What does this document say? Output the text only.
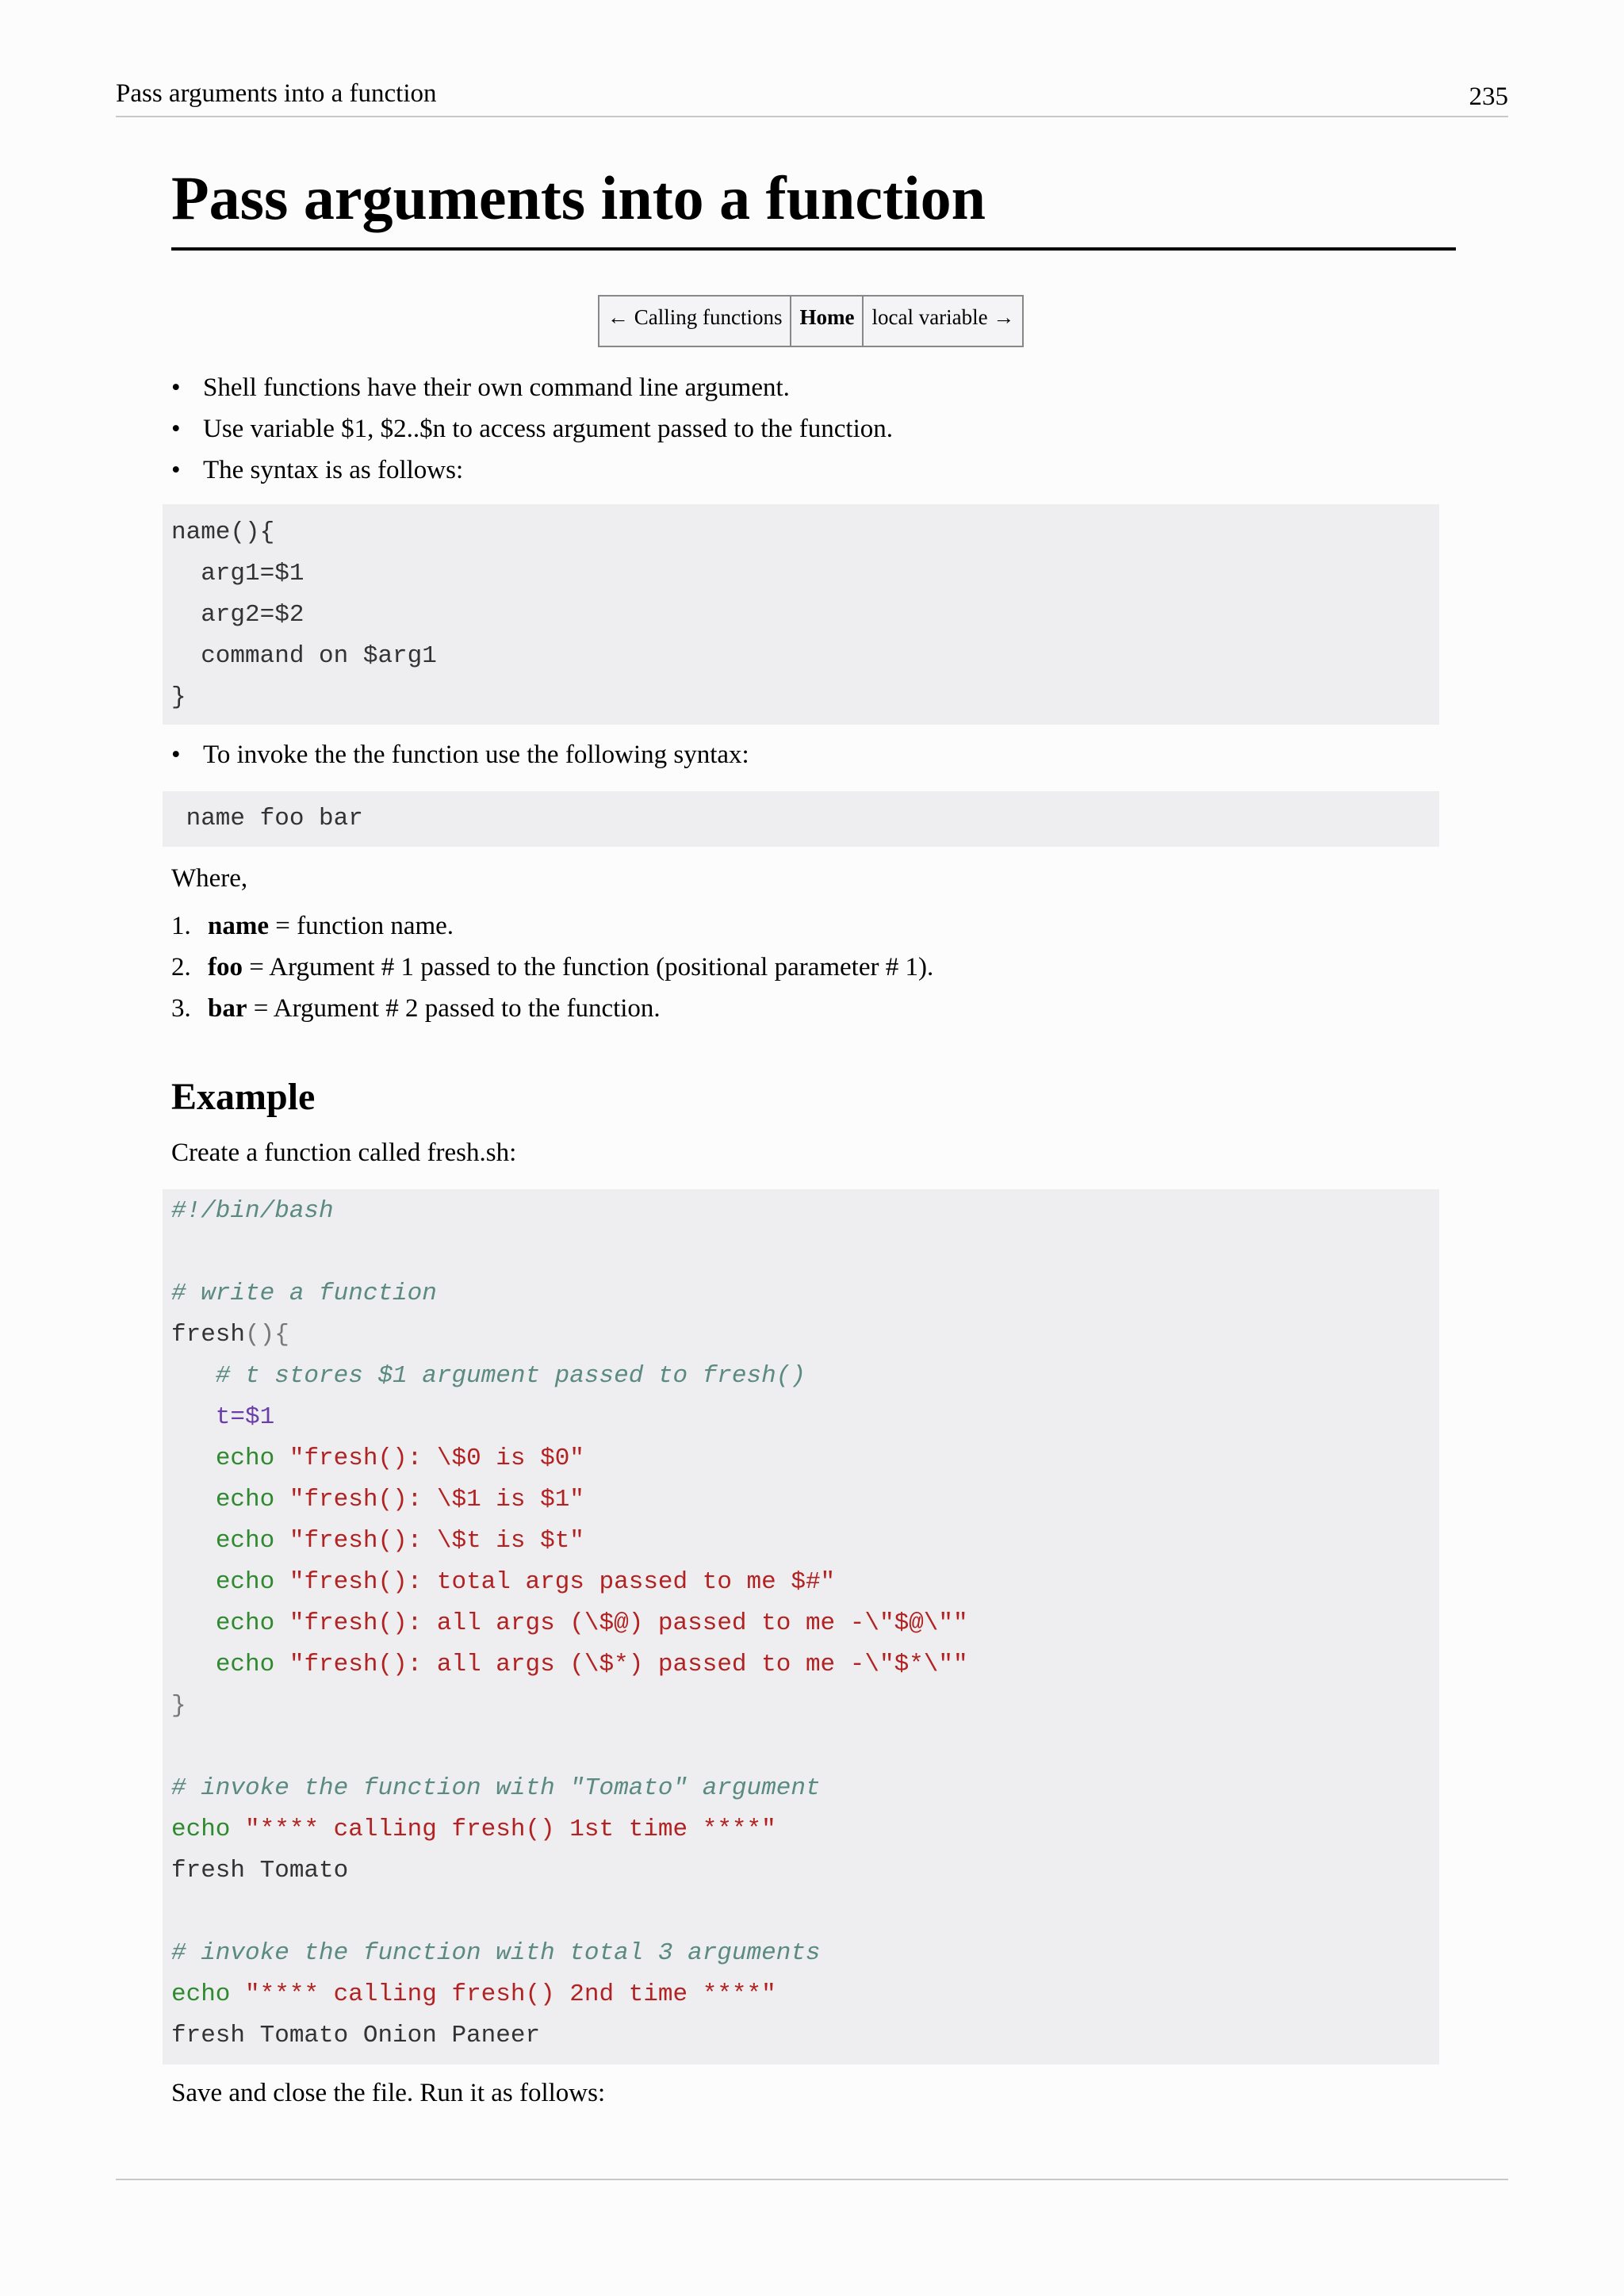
Pass arguments into a function	235
Pass arguments into a function
← Calling functions Home local variable →
• Shell functions have their own command line argument.
• Use variable $1, $2..$n to access argument passed to the function.
• The syntax is as follows:
name(){
arg1=$1
arg2=$2
command on $arg1
}
• To invoke the the function use the following syntax:
name foo bar
Where,
1. name = function name.
2. foo = Argument # 1 passed to the function (positional parameter # 1).
3. bar = Argument # 2 passed to the function.
Example
Create a function called fresh.sh:
#!/bin/bash
# write a function
fresh(){
# t stores $1 argument passed to fresh()
t=$1
echo "fresh(): \$0 is $0"
echo "fresh(): \$1 is $1"
echo "fresh(): \$t is $t"
echo "fresh(): total args passed to me $#"
echo "fresh(): all args (\$@) passed to me -\"$@\""
echo "fresh(): all args (\$*) passed to me -\"$*\""
}
# invoke the function with "Tomato" argument
echo "**** calling fresh() 1st time ****"
fresh Tomato
# invoke the function with total 3 arguments
echo "**** calling fresh() 2nd time ****"
fresh Tomato Onion Paneer
Save and close the file. Run it as follows:
